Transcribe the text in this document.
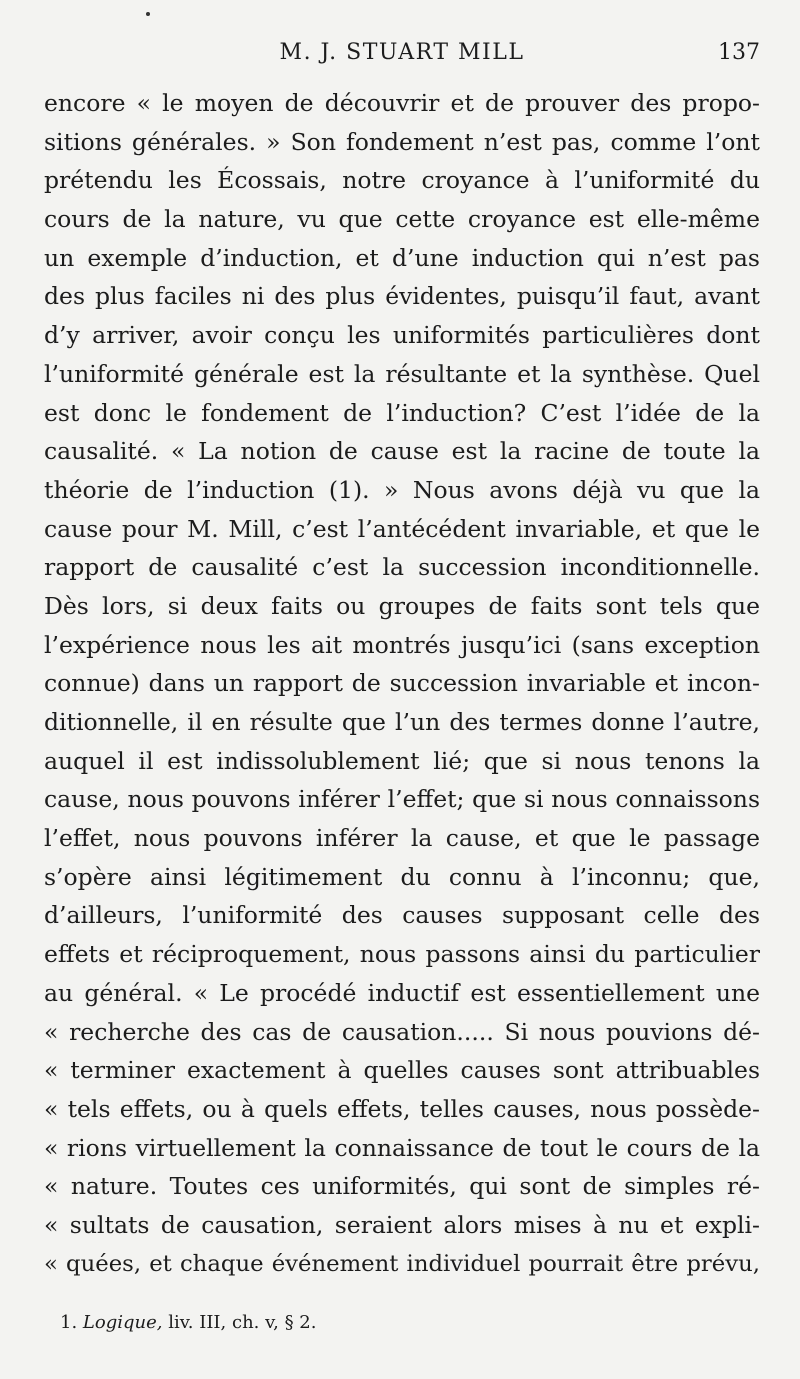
M. J. STUART MILL	137
encore « le moyen de découvrir et de prouver des propo-
sitions générales. » Son fondement n’est pas, comme l’ont
prétendu les Écossais, notre croyance à l’uniformité du
cours de la nature, vu que cette croyance est elle-même
un exemple d’induction, et d’une induction qui n’est pas
des plus faciles ni des plus évidentes, puisqu’il faut, avant
d’y arriver, avoir conçu les uniformités particulières dont
l’uniformité générale est la résultante et la synthèse. Quel
est donc le fondement de l’induction? C’est l’idée de la
causalité. « La notion de cause est la racine de toute la
théorie de l’induction (1). » Nous avons déjà vu que la
cause pour M. Mill, c’est l’antécédent invariable, et que le
rapport de causalité c’est la succession inconditionnelle.
Dès lors, si deux faits ou groupes de faits sont tels que
l’expérience nous les ait montrés jusqu’ici (sans exception
connue) dans un rapport de succession invariable et incon-
ditionnelle, il en résulte que l’un des termes donne l’autre,
auquel il est indissolublement lié; que si nous tenons la
cause, nous pouvons inférer l’effet; que si nous connaissons
l’effet, nous pouvons inférer la cause, et que le passage
s’opère ainsi légitimement du connu à l’inconnu; que,
d’ailleurs, l’uniformité des causes supposant celle des
effets et réciproquement, nous passons ainsi du particulier
au général. « Le procédé inductif est essentiellement une
« recherche des cas de causation..... Si nous pouvions dé-
« terminer exactement à quelles causes sont attribuables
« tels effets, ou à quels effets, telles causes, nous possède-
« rions virtuellement la connaissance de tout le cours de la
« nature. Toutes ces uniformités, qui sont de simples ré-
« sultats de causation, seraient alors mises à nu et expli-
« quées, et chaque événement individuel pourrait être prévu,
1. Logique, liv. III, ch. v, § 2.
